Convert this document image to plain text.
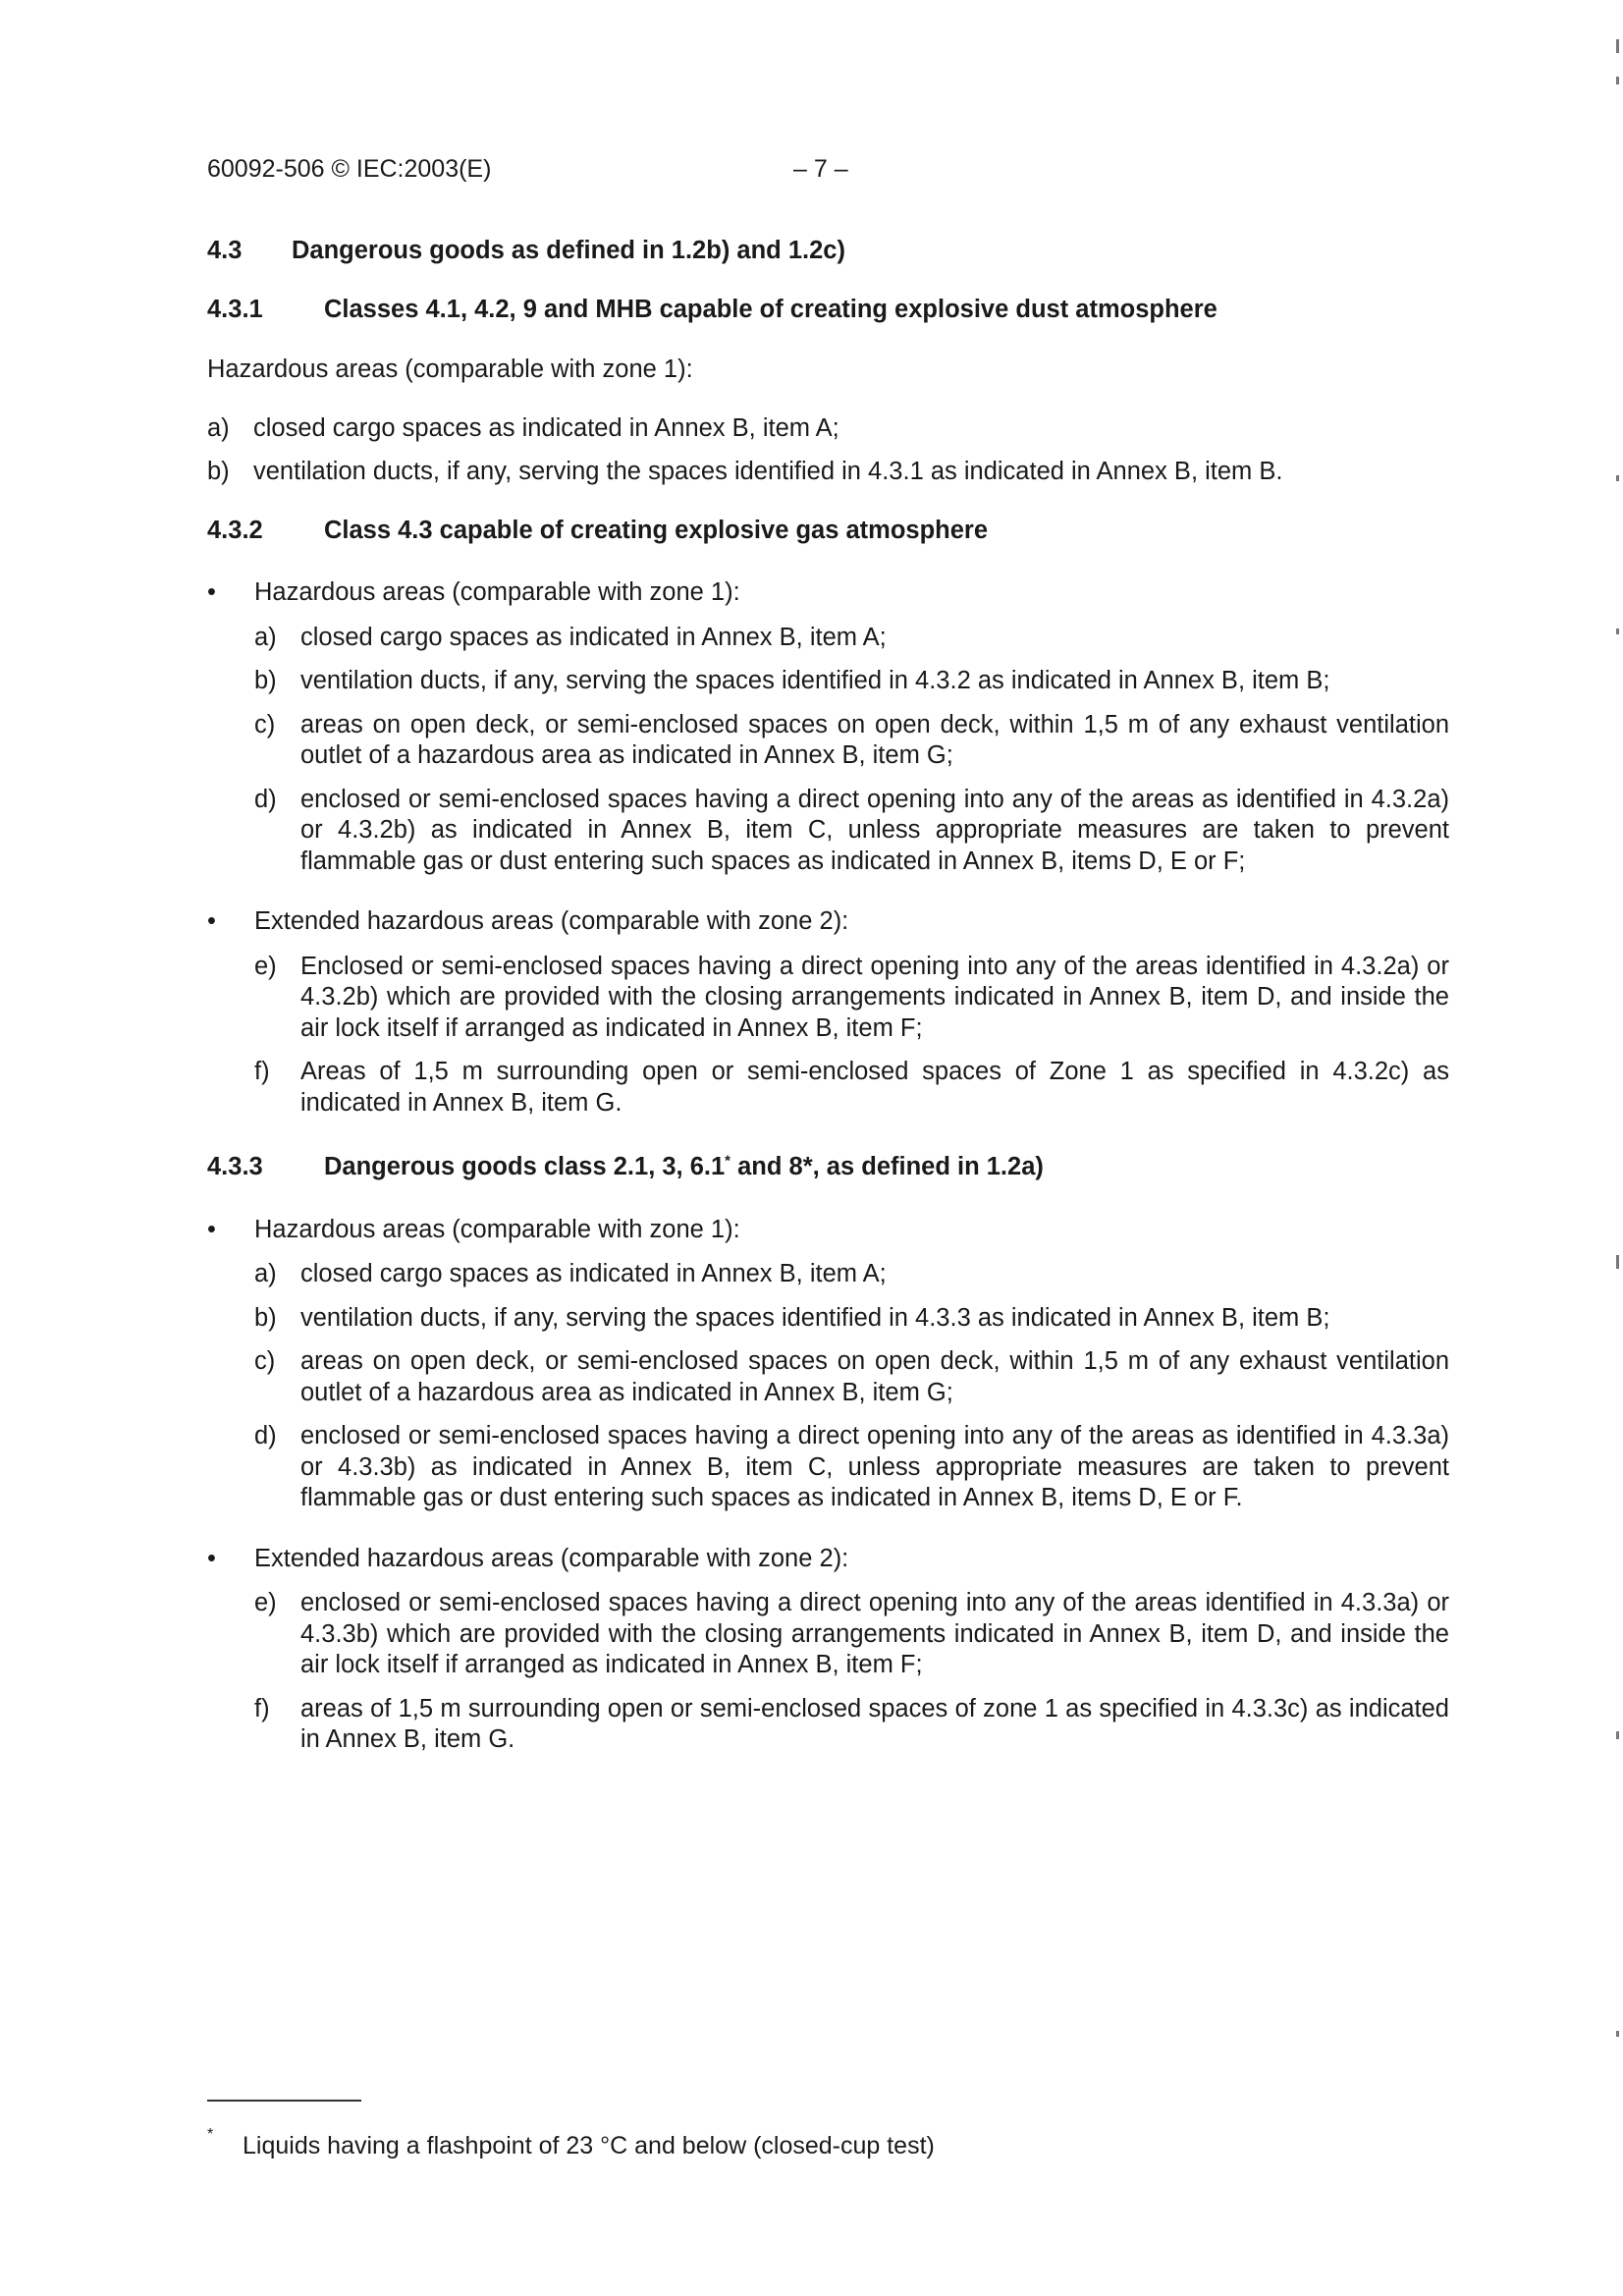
60092-506 © IEC:2003(E)	– 7 –
4.3	Dangerous goods as defined in 1.2b) and 1.2c)
4.3.1	Classes 4.1, 4.2, 9 and MHB capable of creating explosive dust atmosphere

Hazardous areas (comparable with zone 1):

a) closed cargo spaces as indicated in Annex B, item A;
b) ventilation ducts, if any, serving the spaces identified in 4.3.1 as indicated in Annex B, item B.
4.3.2	Class 4.3 capable of creating explosive gas atmosphere
•	Hazardous areas (comparable with zone 1):
a) closed cargo spaces as indicated in Annex B, item A;
b) ventilation ducts, if any, serving the spaces identified in 4.3.2 as indicated in Annex B, item B;
c)	areas on open deck, or semi-enclosed spaces on open deck, within 1,5 m of any exhaust ventilation outlet of a hazardous area as indicated in Annex B, item G;
d) enclosed or semi-enclosed spaces having a direct opening into any of the areas as identified in 4.3.2a) or 4.3.2b) as indicated in Annex B, item C, unless appropriate measures are taken to prevent flammable gas or dust entering such spaces as indicated in Annex B, items D, E or F;
•	Extended hazardous areas (comparable with zone 2):
e) Enclosed or semi-enclosed spaces having a direct opening into any of the areas identified in 4.3.2a) or 4.3.2b) which are provided with the closing arrangements indicated in Annex B, item D, and inside the air lock itself if arranged as indicated in Annex B, item F;
f)	Areas of 1,5 m surrounding open or semi-enclosed spaces of Zone 1 as specified in 4.3.2c) as indicated in Annex B, item G.
4.3.3	Dangerous goods class 2.1, 3, 6.1* and 8*, as defined in 1.2a)
•	Hazardous areas (comparable with zone 1):
a) closed cargo spaces as indicated in Annex B, item A;
b) ventilation ducts, if any, serving the spaces identified in 4.3.3 as indicated in Annex B, item B;
c)	areas on open deck, or semi-enclosed spaces on open deck, within 1,5 m of any exhaust ventilation outlet of a hazardous area as indicated in Annex B, item G;
d) enclosed or semi-enclosed spaces having a direct opening into any of the areas as identified in 4.3.3a) or 4.3.3b) as indicated in Annex B, item C, unless appropriate measures are taken to prevent flammable gas or dust entering such spaces as indicated in Annex B, items D, E or F.
•	Extended hazardous areas (comparable with zone 2):
e) enclosed or semi-enclosed spaces having a direct opening into any of the areas identified in 4.3.3a) or 4.3.3b) which are provided with the closing arrangements indicated in Annex B, item D, and inside the air lock itself if arranged as indicated in Annex B, item F;
f)	areas of 1,5 m surrounding open or semi-enclosed spaces of zone 1 as specified in 4.3.3c) as indicated in Annex B, item G.
*	Liquids having a flashpoint of 23 °C and below (closed-cup test)
